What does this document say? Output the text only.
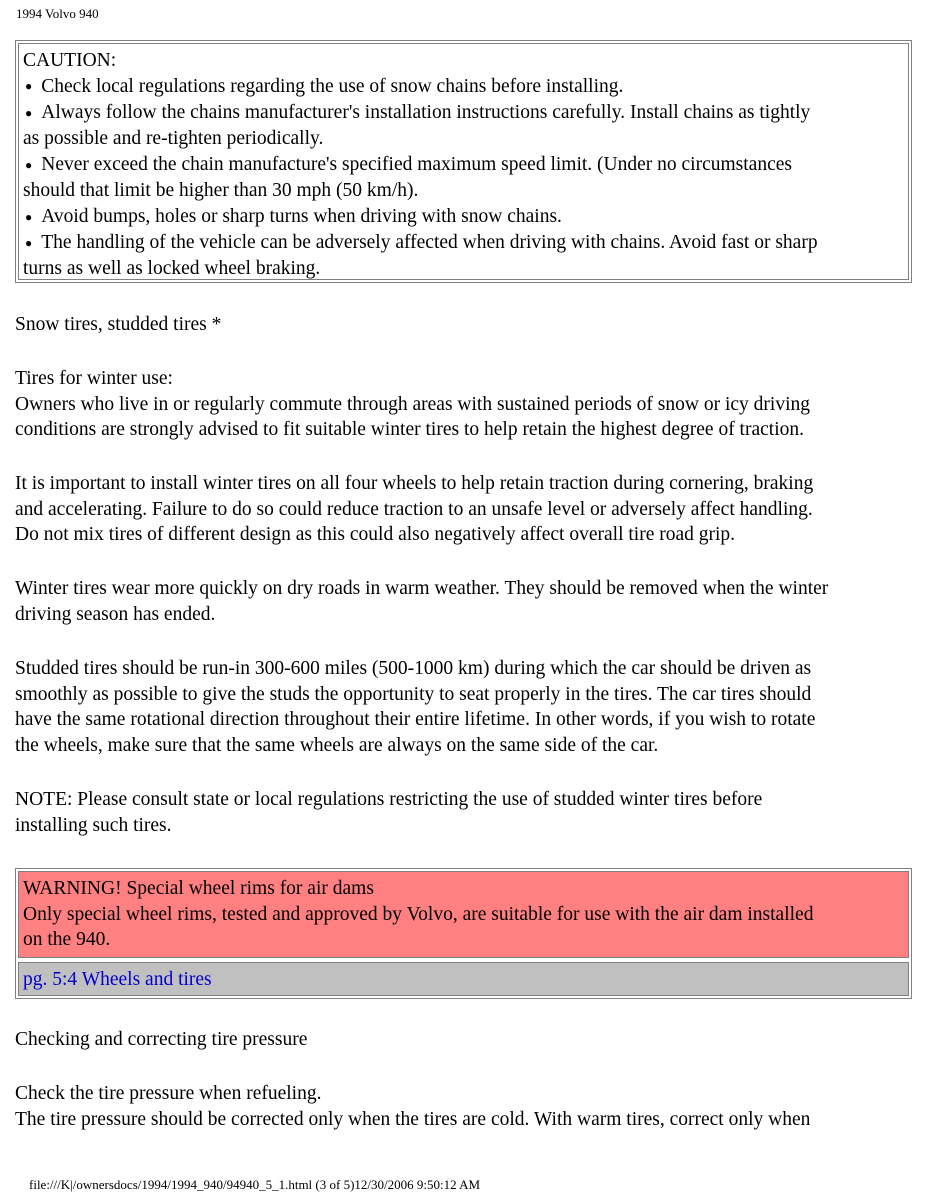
1994 Volvo 940

CAUTION:

● Check local regulations regarding the use of snow chains before installing.

● Always follow the chains manufacturer's installation instructions carefully. Install chains as tightly

as possible and re-tighten periodically.

● Never exceed the chain manufacture's specified maximum speed limit. (Under no circumstances

should that limit be higher than 30 mph (50 km/h).

● Avoid bumps, holes or sharp turns when driving with snow chains.

● The handling of the vehicle can be adversely affected when driving with chains. Avoid fast or sharp

turns as well as locked wheel braking.

Snow tires, studded tires *

Tires for winter use:

Owners who live in or regularly commute through areas with sustained periods of snow or icy driving

conditions are strongly advised to fit suitable winter tires to help retain the highest degree of traction.

It is important to install winter tires on all four wheels to help retain traction during cornering, braking

and accelerating. Failure to do so could reduce traction to an unsafe level or adversely affect handling.

Do not mix tires of different design as this could also negatively affect overall tire road grip.

Winter tires wear more quickly on dry roads in warm weather. They should be removed when the winter

driving season has ended.

Studded tires should be run-in 300-600 miles (500-1000 km) during which the car should be driven as

smoothly as possible to give the studs the opportunity to seat properly in the tires. The car tires should

have the same rotational direction throughout their entire lifetime. In other words, if you wish to rotate

the wheels, make sure that the same wheels are always on the same side of the car.

NOTE: Please consult state or local regulations restricting the use of studded winter tires before

installing such tires.

WARNING! Special wheel rims for air dams

Only special wheel rims, tested and approved by Volvo, are suitable for use with the air dam installed

on the 940.

pg. 5:4 Wheels and tires

Checking and correcting tire pressure

Check the tire pressure when refueling.

The tire pressure should be corrected only when the tires are cold. With warm tires, correct only when

file:///K|/ownersdocs/1994/1994_940/94940_5_1.html (3 of 5)12/30/2006 9:50:12 AM
